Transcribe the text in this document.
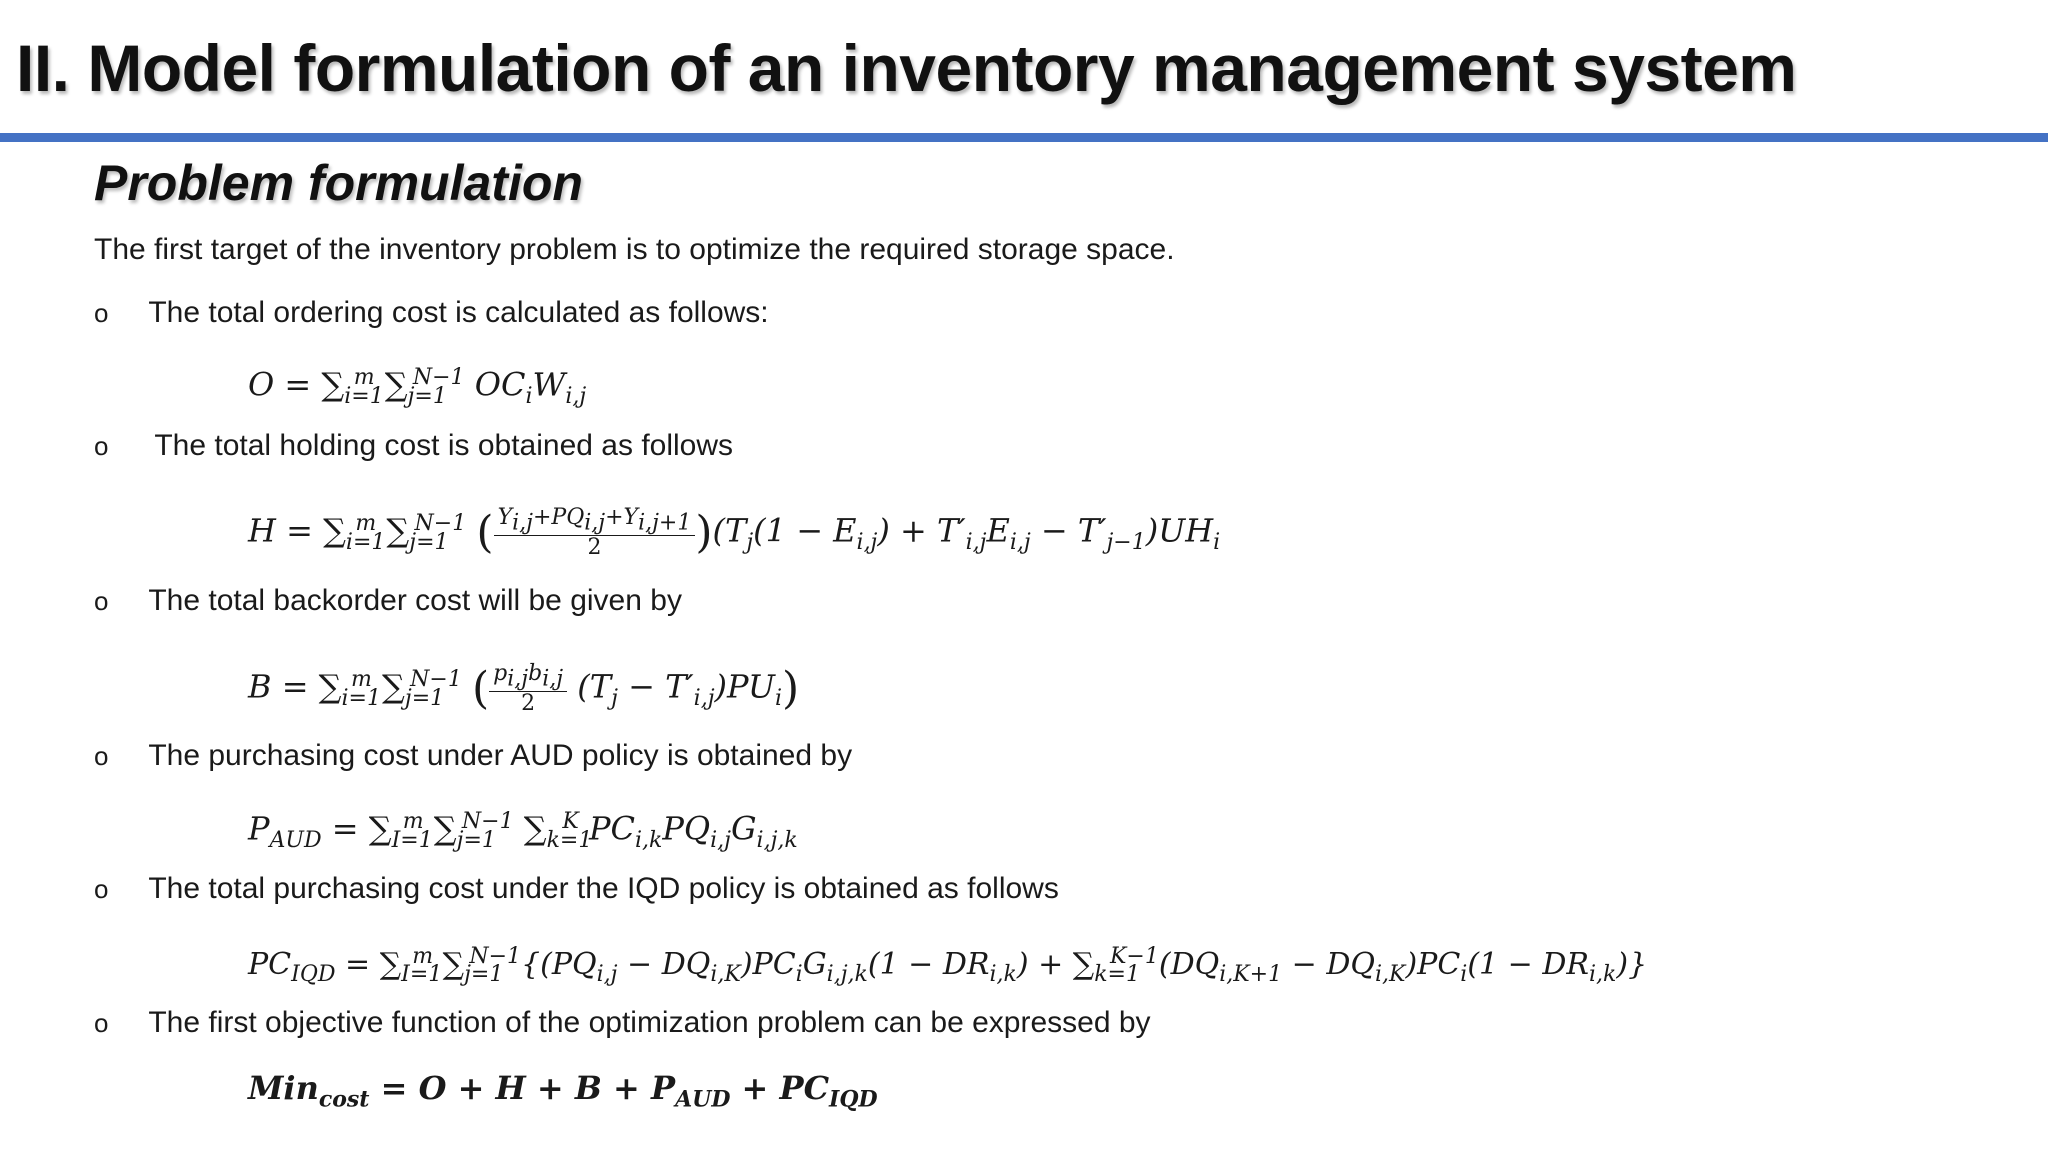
II. Model formulation of an inventory management system
Problem formulation
The first target of the inventory problem is to optimize the required storage space.
o The total ordering cost is calculated as follows:
$O = \sum_{i=1}^m$ $\sum_{j=1}^{N-1}$ $OC_iW_{i,j}$
o The total holding cost is obtained as follows
$H = \sum_{i=1}^m$ $\sum_{j=1}^{N-1}$ ( $\frac{Y_{i,j}+PQ_{i,j}+Y_{i,j+1}}{2} )(T_j(1 - E_{i,j}) + T'_{i,j}E_{i,j} - T'_{j-1})UH_i$
o The total backorder cost will be given by
$B = \sum_{i=1}^m$ $\sum_{j=1}^{N-1}$ ( $\frac{p_{i,j}b_{i,j}}{2} (T_j - T'_{i,j})PU_i$)
o The purchasing cost under AUD policy is obtained by
$P_{AUD} = \sum_{I=1}^m$ $\sum_{j=1}^{N-1}$ $\sum_{k=1}^K$ $PC_{i,k}PQ_{i,j}G_{i,j,k}$
o The total purchasing cost under the IQD policy is obtained as follows
$PC_{IQD} = \sum_{I=1}^m$ $\sum_{j=1}^{N-1}\{(PQ_{i,j} - DQ_{i,K})PC_iG_{i,j,k}(1 - DR_{i,k}) + \sum_{k=1}^{K-1}(DQ_{i,K+1} - DQ_{i,K})PC_i(1 - DR_{i,k})\}$
o The first objective function of the optimization problem can be expressed by
$Min_{cost} = O + H + B + P_{AUD} + PC_{IQD}$
